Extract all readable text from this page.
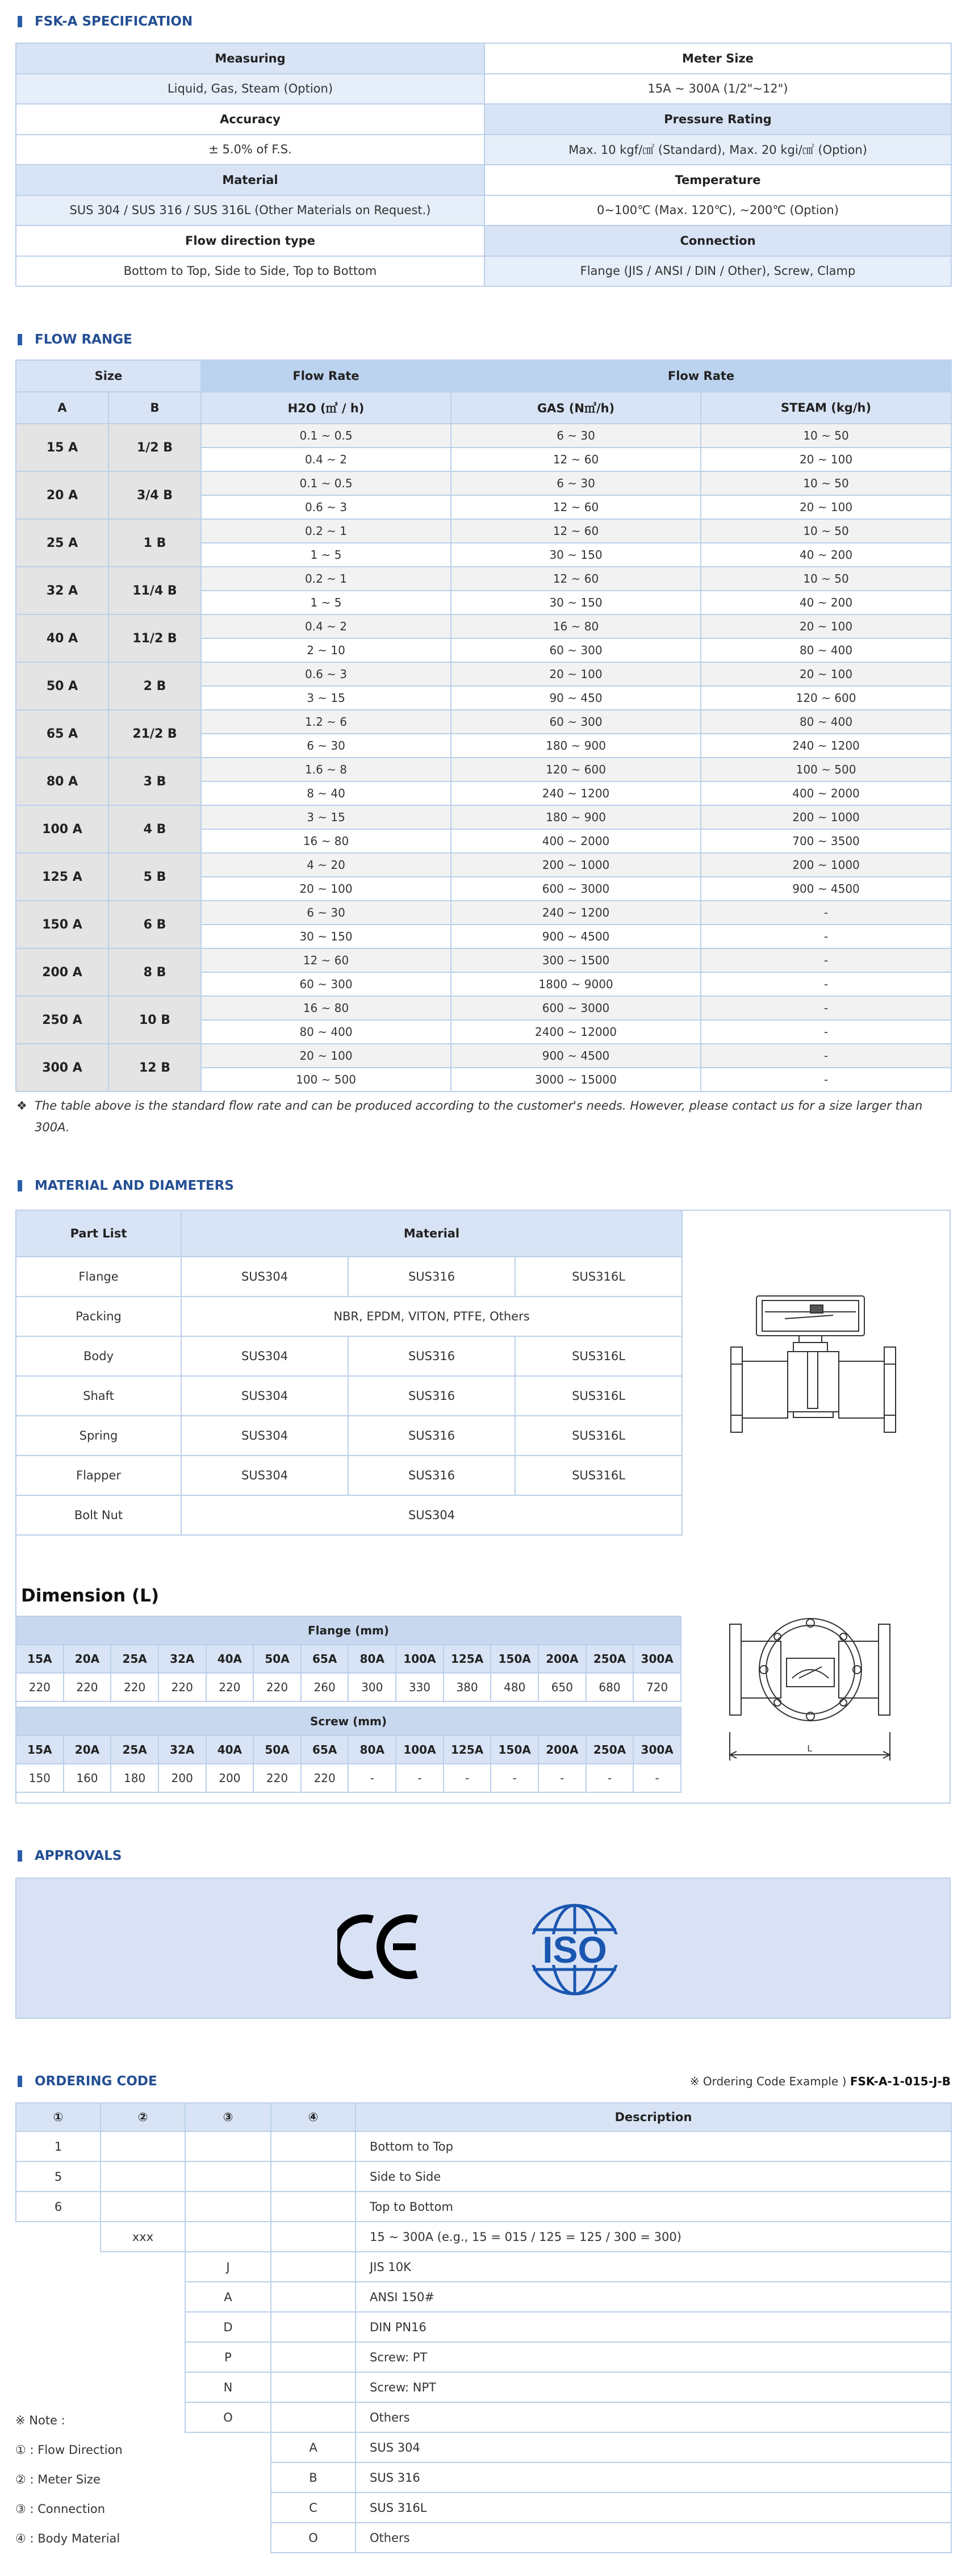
FSK-A SPECIFICATION
Measuring	Meter Size
Liquid, Gas, Steam (Option)	15A ~ 300A (1/2"~12")
Accuracy	Pressure Rating
± 5.0% of F.S.	Max. 10 kgf/㎠ (Standard), Max. 20 kgi/㎠ (Option)
Material	Temperature
SUS 304 / SUS 316 / SUS 316L (Other Materials on Request.)	0~100℃ (Max. 120℃), ~200℃ (Option)
Flow direction type	Connection
Bottom to Top, Side to Side, Top to Bottom	Flange (JIS / ANSI / DIN / Other), Screw, Clamp
FLOW RANGE
Size		Flow Rate	Flow Rate	
A	B	H2O (㎥ / h)	GAS (N㎥/h)	STEAM (kg/h)
15 A	1/2 B	0.1 ~ 0.5	6 ~ 30	10 ~ 50
		0.4 ~ 2	12 ~ 60	20 ~ 100
20 A	3/4 B	0.1 ~ 0.5	6 ~ 30	10 ~ 50
		0.6 ~ 3	12 ~ 60	20 ~ 100
25 A	1 B	0.2 ~ 1	12 ~ 60	10 ~ 50
		1 ~ 5	30 ~ 150	40 ~ 200
32 A	11/4 B	0.2 ~ 1	12 ~ 60	10 ~ 50
		1 ~ 5	30 ~ 150	40 ~ 200
40 A	11/2 B	0.4 ~ 2	16 ~ 80	20 ~ 100
		2 ~ 10	60 ~ 300	80 ~ 400
50 A	2 B	0.6 ~ 3	20 ~ 100	20 ~ 100
		3 ~ 15	90 ~ 450	120 ~ 600
65 A	21/2 B	1.2 ~ 6	60 ~ 300	80 ~ 400
		6 ~ 30	180 ~ 900	240 ~ 1200
80 A	3 B	1.6 ~ 8	120 ~ 600	100 ~ 500
		8 ~ 40	240 ~ 1200	400 ~ 2000
100 A	4 B	3 ~ 15	180 ~ 900	200 ~ 1000
		16 ~ 80	400 ~ 2000	700 ~ 3500
125 A	5 B	4 ~ 20	200 ~ 1000	200 ~ 1000
		20 ~ 100	600 ~ 3000	900 ~ 4500
150 A	6 B	6 ~ 30	240 ~ 1200	-
		30 ~ 150	900 ~ 4500	-
200 A	8 B	12 ~ 60	300 ~ 1500	-
		60 ~ 300	1800 ~ 9000	-
250 A	10 B	16 ~ 80	600 ~ 3000	-
		80 ~ 400	2400 ~ 12000	-
300 A	12 B	20 ~ 100	900 ~ 4500	-
		100 ~ 500	3000 ~ 15000	-
❖ The table above is the standard flow rate and can be produced according to the customer's needs. However, please contact us for a size larger than 300A.
MATERIAL AND DIAMETERS
Part List	Material		
Flange	SUS304	SUS316	SUS316L
Packing	NBR, EPDM, VITON, PTFE, Others		
Body	SUS304	SUS316	SUS316L
Shaft	SUS304	SUS316	SUS316L
Spring	SUS304	SUS316	SUS316L
Flapper	SUS304	SUS316	SUS316L
Bolt Nut	SUS304		
Dimension (L)
Flange (mm)													
15A	20A	25A	32A	40A	50A	65A	80A	100A	125A	150A	200A	250A	300A
220	220	220	220	220	220	260	300	330	380	480	650	680	720
Screw (mm)													
15A	20A	25A	32A	40A	50A	65A	80A	100A	125A	150A	200A	250A	300A
150	160	180	200	200	220	220	-	-	-	-	-	-	-
L
APPROVALS
ISO
ORDERING CODE	※ Ordering Code Example ) FSK-A-1-015-J-B
①	②	③	④	Description
1				Bottom to Top
5				Side to Side
6				Top to Bottom
	xxx			15 ~ 300A (e.g., 15 = 015 / 125 = 125 / 300 = 300)
		J		JIS 10K
		A		ANSI 150#
		D		DIN PN16
		P		Screw: PT
		N		Screw: NPT
		O		Others
			A	SUS 304
			B	SUS 316
			C	SUS 316L
			O	Others
※ Note :
① : Flow Direction
② : Meter Size
③ : Connection
④ : Body Material
